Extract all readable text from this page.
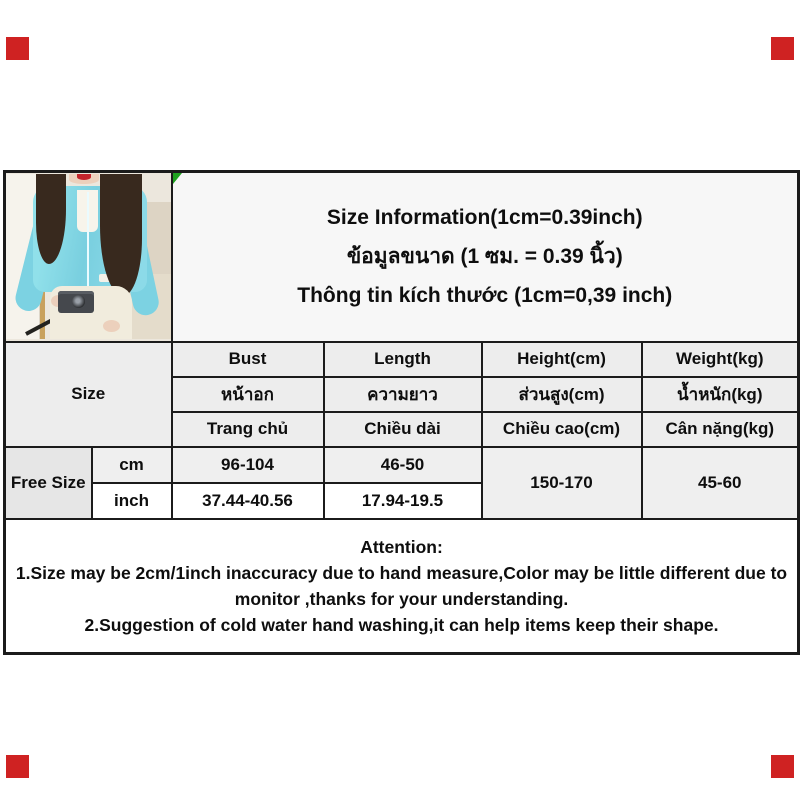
		Size Information(1cm=0.39inch)
ข้อมูลขนาด (1 ซม. = 0.39 นิ้ว)
Thông tin kích thước (1cm=0,39 inch)			

Size		Bust	Length	Height(cm)	Weight(kg)
		หน้าอก	ความยาว	ส่วนสูง(cm)	น้ำหนัก(kg)
		Trang chủ	Chiều dài	Chiều cao(cm)	Cân nặng(kg)
Free Size	cm	96-104	46-50	150-170	45-60
	inch	37.44-40.56	17.94-19.5		

Attention:
1.Size may be 2cm/1inch inaccuracy due to hand measure,Color may be little different due to
monitor ,thanks for your understanding.
2.Suggestion of cold water hand washing,it can help items keep their shape.					
